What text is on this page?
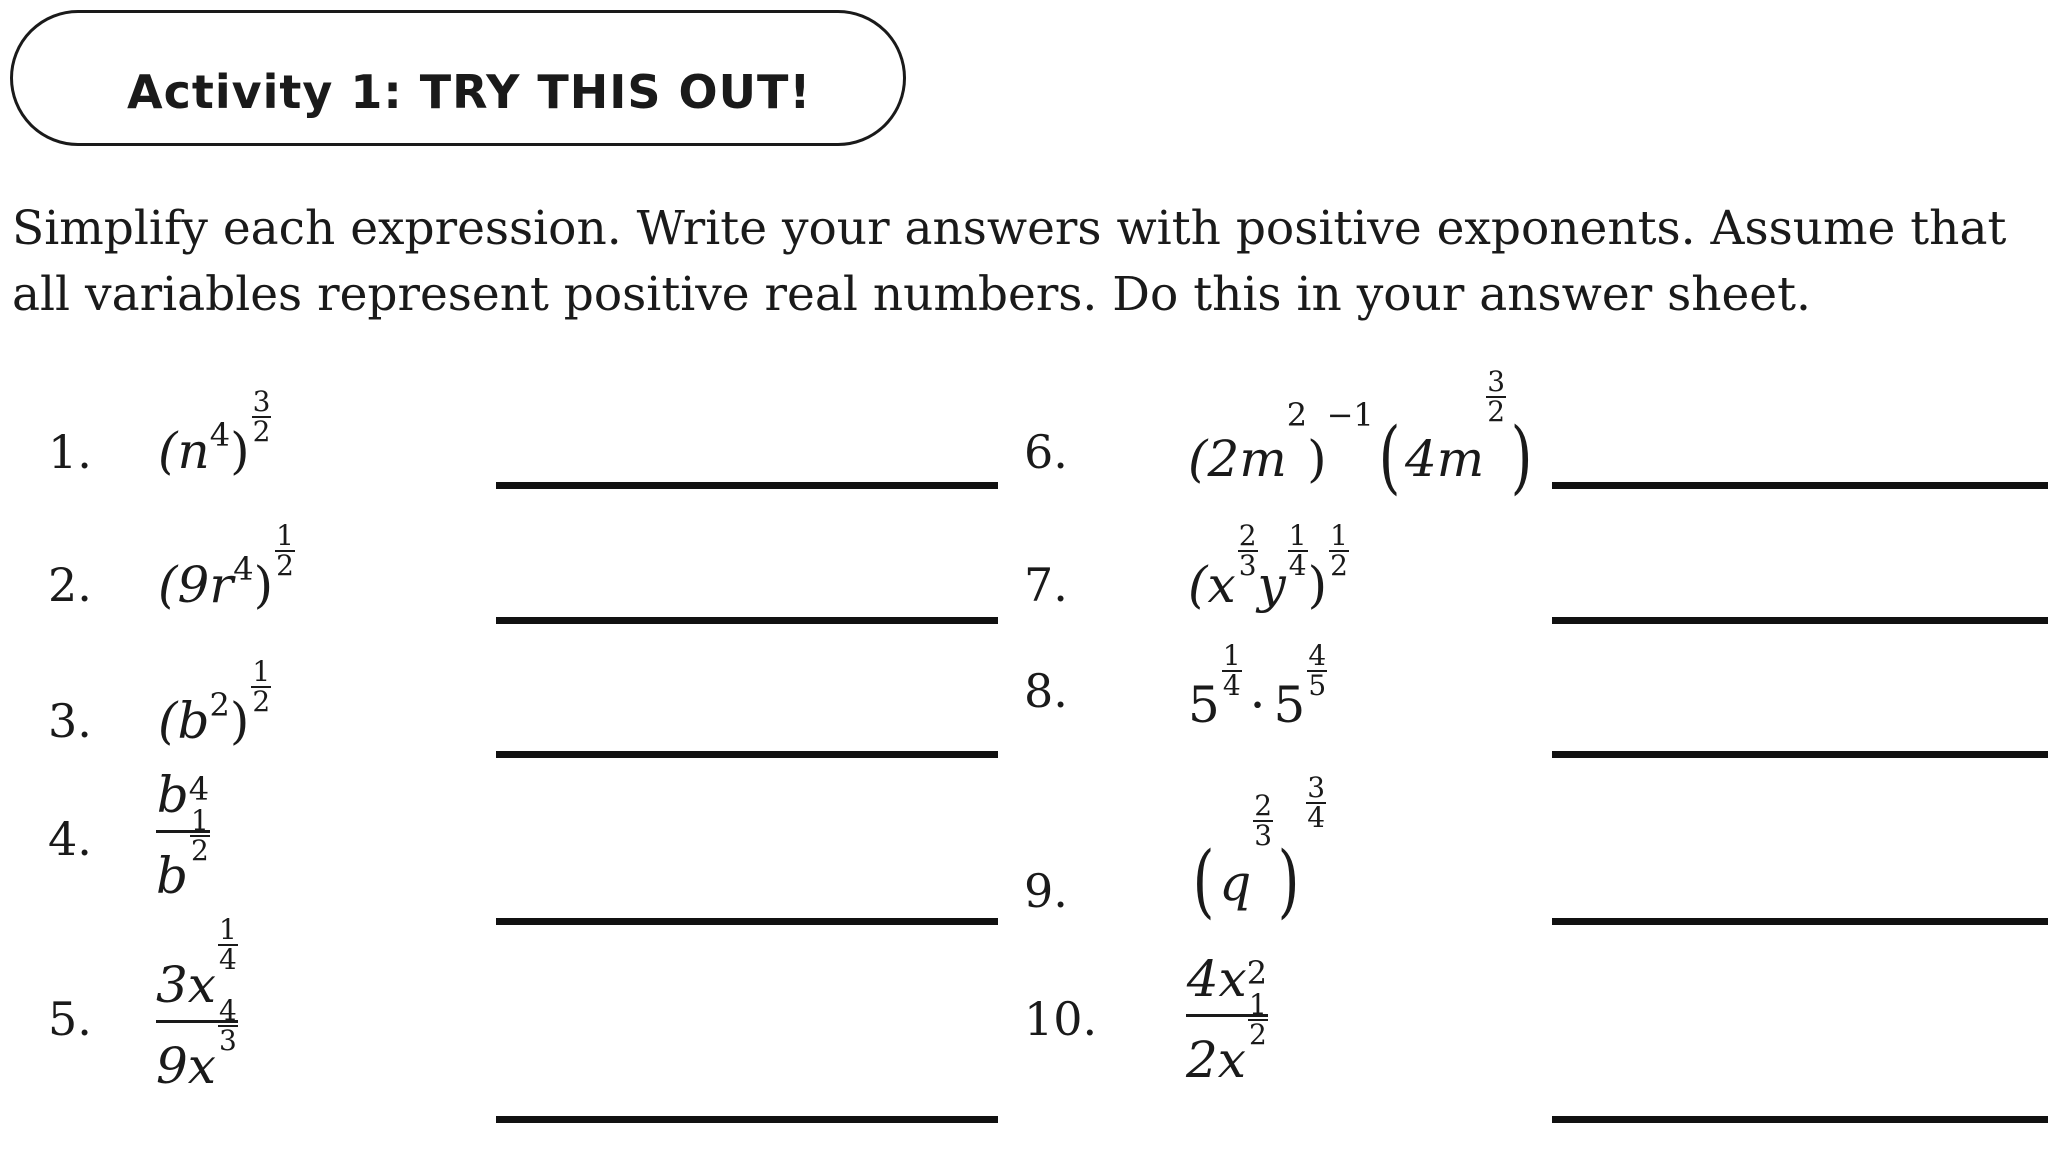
Activity 1: TRY THIS OUT!
Simplify each expression. Write your answers with positive exponents. Assume that
all variables represent positive real numbers. Do this in your answer sheet.
1.
2.
3.
4.
5.
6.
7.
8.
9.
10.
$(n^4)$
$\frac{3}{2}$
$(9r^4)$
$\frac{1}{2}$
$(b^2)$
$\frac{1}{2}$
$b^4$
b
$\frac{1}{2}$
3x
$\frac{1}{4}$
9x
$\frac{4}{3}$
$(2m^2)^{-1}(4m$
$\frac{3}{2}$
)
(x
$\frac{2}{3}$
y
$\frac{1}{4}$
)
$\frac{1}{2}$
5
$\frac{1}{4}$
· 5
$\frac{4}{5}$
(q
$\frac{2}{3}$
)
$\frac{3}{4}$
$4x^2$
2x
$\frac{1}{2}$
